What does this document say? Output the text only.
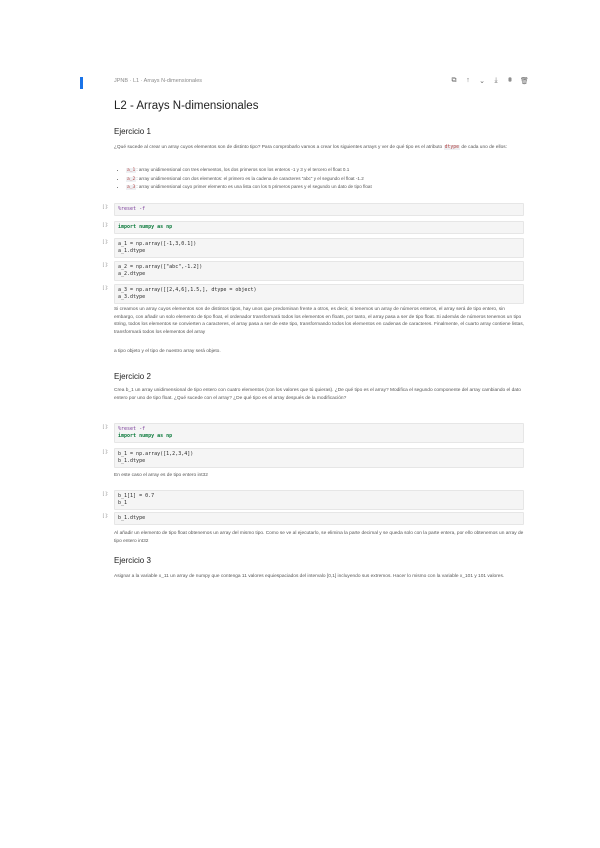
JPNB · L1 · Arrays N-dimensionales	⧉	↑	⌄	⤓	⩩	🗑
L2 - Arrays N-dimensionales
Ejercicio 1
¿Qué sucede al crear un array cuyos elementos son de distinto tipo? Para comprobarlo vamos a crear los siguientes arrays y ver de qué tipo es el atributo dtype de cada uno de ellos:
• a_1: array unidimensional con tres elementos, los dos primeros son los enteros -1 y 3 y el tercero el float 0.1
• a_2: array unidimensional con dos elementos: el primero es la cadena de caracteres "abc" y el segundo el float -1.2
• a_3: array unidimensional cuyo primer elemento es una lista con los 5 primeros pares y el segundo un dato de tipo float
[ ]:	%reset -f
[ ]:	import numpy as np
[ ]:	a_1 = np.array([-1,3,0.1])
a_1.dtype
[ ]:	a_2 = np.array(["abc",-1.2])
a_2.dtype
[ ]:	a_3 = np.array([[2,4,6],1.5,], dtype = object)
a_3.dtype
Si creamos un array cuyos elementos son de distintos tipos, hay unos que predominan frente a otros, es decir, si tenemos un array de números enteros, el array será de tipo entero, sin embargo, con añadir un solo elemento de tipo float, el ordenador transformará todos los elementos en floats, por tanto, el array pasa a ser de tipo float. Si además de números tenemos un tipo string, todos los elementos se convierten a caracteres, el array pasa a ser de este tipo, transformando todos los elementos en cadenas de caracteres. Finalmente, el cuarto array contiene listas, transformará todos los elementos del array
a tipo objeto y el tipo de nuestro array será objeto.
Ejercicio 2
Crea b_1 un array unidimensional de tipo entero con cuatro elementos (con los valores que tú quieras). ¿De qué tipo es el array? Modifica el segundo componente del array cambiando el dato entero por uno de tipo float. ¿Qué sucede con el array? ¿De qué tipo es el array después de la modificación?
[ ]:	%reset -f
import numpy as np
[ ]:	b_1 = np.array([1,2,3,4])
b_1.dtype
En este caso el array es de tipo entero int32
[ ]:	b_1[1] = 0.7
b_1
[ ]:	b_1.dtype
Al añadir un elemento de tipo float obtenemos un array del mismo tipo. Como se ve al ejecutarlo, se elimina la parte decimal y se queda solo con la parte entera, por ello obtenemos un array de tipo entero int32
Ejercicio 3
Asignar a la variable x_11 un array de numpy que contenga 11 valores equiespaciados del intervalo [0,1] incluyendo sus extremos. Hacer lo mismo con la variable x_101 y 101 valores.
